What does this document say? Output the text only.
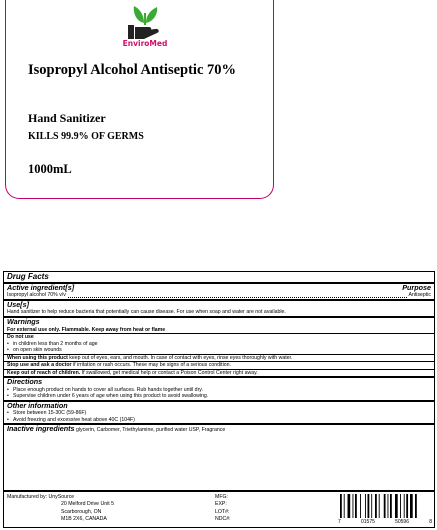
EnviroMed
Isopropyl Alcohol Antiseptic 70%
Hand Sanitizer
KILLS 99.9% OF GERMS
1000mL
Drug Facts
Active ingredient[s]	Purpose
Isopropyl alcohol 70% v/v	Antiseptic
Use[s]
Hand sanitizer to help reduce bacteria that potentially can cause disease. For use when soap and water are not available.
Warnings
For external use only. Flammable. Keep away from heat or flame
Do not use
• in children less than 2 months of age
• on open skin wounds
When using this product keep out of eyes, ears, and mouth. In case of contact with eyes, rinse eyes thoroughly with water.
Stop use and ask a doctor if irritation or rash occurs. These may be signs of a serious condition.
Keep out of reach of children. If swallowed, get medical help or contact a Poison Control Center right away.
Directions
• Place enough product on hands to cover all surfaces. Rub hands together until dry.
• Supervise children under 6 years of age when using this product to avoid swallowing.
Other information
• Store between 15-30C (59-86F)
• Avoid freezing and excessive heat above 40C (104F)
Inactive ingredients glycerin, Carbomer, Triethylamine, purified water USP, Fragrance
Manufactured by: UnySource
20 Melford Drive Unit 5
Scarborough, ON
M1B 2X6, CANADA
MFG:
EXP:
LOT#:
NDC#:
7	01575	50596	8
